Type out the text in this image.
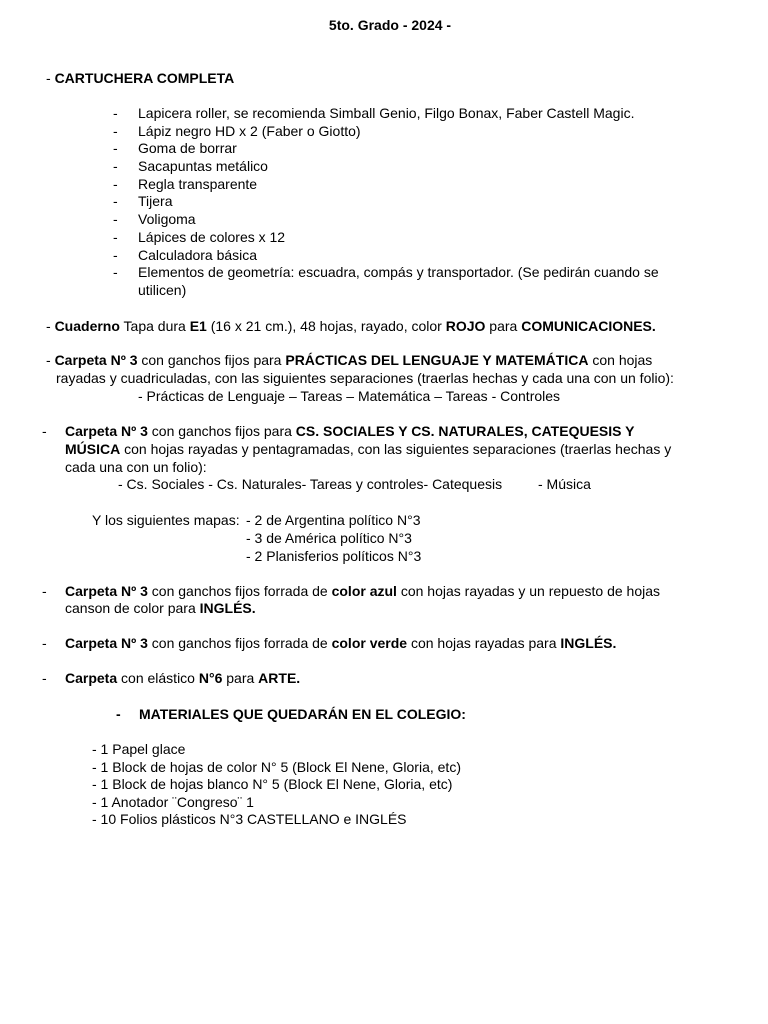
5to. Grado - 2024 -
- CARTUCHERA COMPLETA
- Lapicera roller, se recomienda Simball Genio, Filgo Bonax, Faber Castell Magic.
- Lápiz negro HD x 2 (Faber o Giotto)
- Goma de borrar
- Sacapuntas metálico
- Regla transparente
- Tijera
- Voligoma
- Lápices de colores x 12
- Calculadora básica
- Elementos de geometría: escuadra, compás y transportador. (Se pedirán cuando se
utilicen)
- Cuaderno Tapa dura E1 (16 x 21 cm.), 48 hojas, rayado, color ROJO para COMUNICACIONES.
- Carpeta Nº 3 con ganchos fijos para PRÁCTICAS DEL LENGUAJE Y MATEMÁTICA con hojas
rayadas y cuadriculadas, con las siguientes separaciones (traerlas hechas y cada una con un folio):
- Prácticas de Lenguaje – Tareas – Matemática – Tareas - Controles
- Carpeta Nº 3 con ganchos fijos para CS. SOCIALES Y CS. NATURALES, CATEQUESIS Y
MÚSICA con hojas rayadas y pentagramadas, con las siguientes separaciones (traerlas hechas y
cada una con un folio):
- Cs. Sociales - Cs. Naturales- Tareas y controles- Catequesis	- Música
Y los siguientes mapas: - 2 de Argentina político N°3
- 3 de América político N°3
- 2 Planisferios políticos N°3
- Carpeta Nº 3 con ganchos fijos forrada de color azul con hojas rayadas y un repuesto de hojas
canson de color para INGLÉS.
- Carpeta Nº 3 con ganchos fijos forrada de color verde con hojas rayadas para INGLÉS.
- Carpeta con elástico N°6 para ARTE.
- MATERIALES QUE QUEDARÁN EN EL COLEGIO:
- 1 Papel glace
- 1 Block de hojas de color N° 5 (Block El Nene, Gloria, etc)
- 1 Block de hojas blanco N° 5 (Block El Nene, Gloria, etc)
- 1 Anotador ¨Congreso¨ 1
- 10 Folios plásticos N°3 CASTELLANO e INGLÉS
